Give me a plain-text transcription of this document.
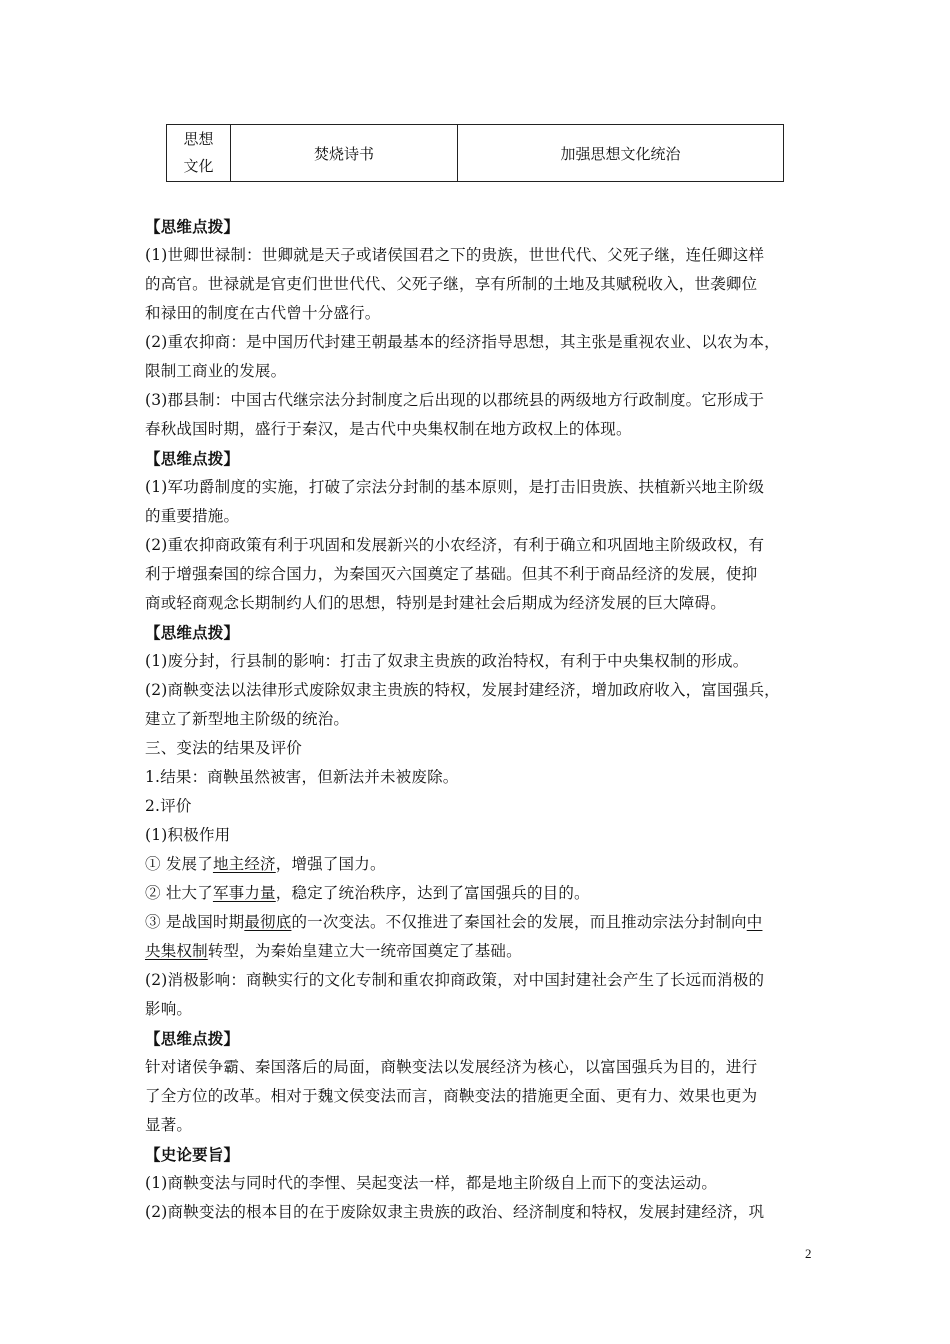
思想
文化
焚烧诗书	加强思想文化统治
【思维点拨】
(1)世卿世禄制：世卿就是天子或诸侯国君之下的贵族，世世代代、父死子继，连任卿这样
的高官。世禄就是官吏们世世代代、父死子继，享有所制的土地及其赋税收入，世袭卿位
和禄田的制度在古代曾十分盛行。
(2)重农抑商：是中国历代封建王朝最基本的经济指导思想，其主张是重视农业、以农为本，
限制工商业的发展。
(3)郡县制：中国古代继宗法分封制度之后出现的以郡统县的两级地方行政制度。它形成于
春秋战国时期，盛行于秦汉，是古代中央集权制在地方政权上的体现。
【思维点拨】
(1)军功爵制度的实施，打破了宗法分封制的基本原则，是打击旧贵族、扶植新兴地主阶级
的重要措施。
(2)重农抑商政策有利于巩固和发展新兴的小农经济，有利于确立和巩固地主阶级政权，有
利于增强秦国的综合国力，为秦国灭六国奠定了基础。但其不利于商品经济的发展，使抑
商或轻商观念长期制约人们的思想，特别是封建社会后期成为经济发展的巨大障碍。
【思维点拨】
(1)废分封，行县制的影响：打击了奴隶主贵族的政治特权，有利于中央集权制的形成。
(2)商鞅变法以法律形式废除奴隶主贵族的特权，发展封建经济，增加政府收入，富国强兵，
建立了新型地主阶级的统治。
三、变法的结果及评价
1.结果：商鞅虽然被害，但新法并未被废除。
2.评价
(1)积极作用
① 发展了地主经济，增强了国力。
② 壮大了军事力量，稳定了统治秩序，达到了富国强兵的目的。
③ 是战国时期最彻底的一次变法。不仅推进了秦国社会的发展，而且推动宗法分封制向中
央集权制转型，为秦始皇建立大一统帝国奠定了基础。
(2)消极影响：商鞅实行的文化专制和重农抑商政策，对中国封建社会产生了长远而消极的
影响。
【思维点拨】
针对诸侯争霸、秦国落后的局面，商鞅变法以发展经济为核心，以富国强兵为目的，进行
了全方位的改革。相对于魏文侯变法而言，商鞅变法的措施更全面、更有力、效果也更为
显著。
【史论要旨】
(1)商鞅变法与同时代的李悝、吴起变法一样，都是地主阶级自上而下的变法运动。
(2)商鞅变法的根本目的在于废除奴隶主贵族的政治、经济制度和特权，发展封建经济，巩
2
